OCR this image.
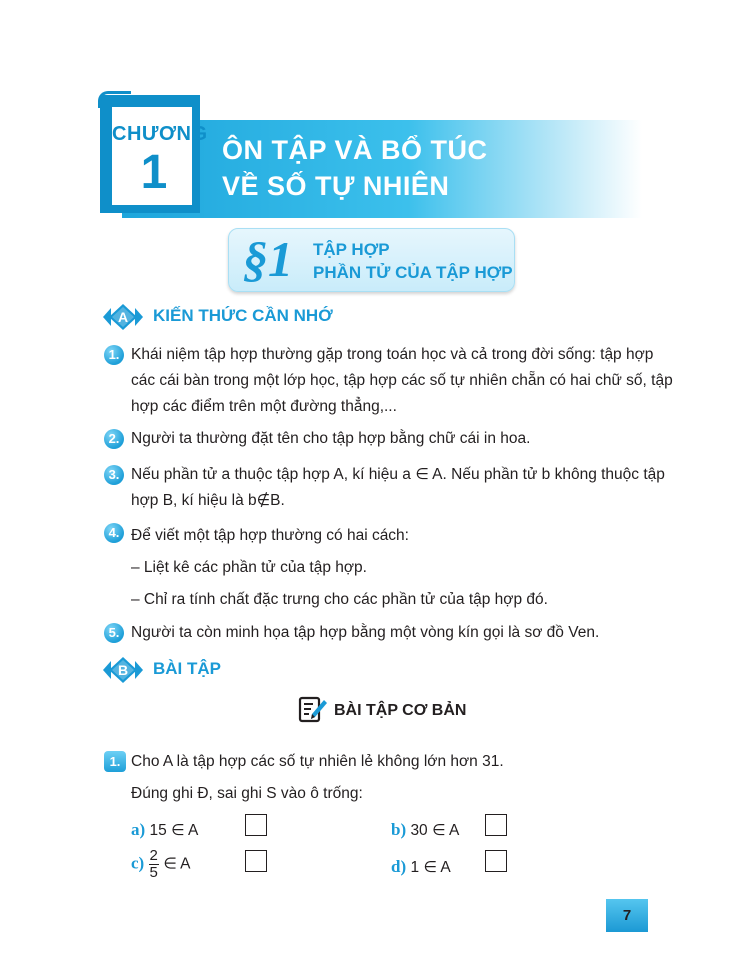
ÔN TẬP VÀ BỔ TÚC
VỀ SỐ TỰ NHIÊN
CHƯƠNG
1
§1 TẬP HỢP
PHẦN TỬ CỦA TẬP HỢP
A KIẾN THỨC CẦN NHỚ
1. Khái niệm tập hợp thường gặp trong toán học và cả trong đời sống: tập hợp
các cái bàn trong một lớp học, tập hợp các số tự nhiên chẵn có hai chữ số, tập
hợp các điểm trên một đường thẳng,...
2. Người ta thường đặt tên cho tập hợp bằng chữ cái in hoa.
3. Nếu phần tử a thuộc tập hợp A, kí hiệu a ∈ A. Nếu phần tử b không thuộc tập
hợp B, kí hiệu là b∉B.
4. Để viết một tập hợp thường có hai cách:
– Liệt kê các phần tử của tập hợp.
– Chỉ ra tính chất đặc trưng cho các phần tử của tập hợp đó.
5. Người ta còn minh họa tập hợp bằng một vòng kín gọi là sơ đồ Ven.
B BÀI TẬP
BÀI TẬP CƠ BẢN
1. Cho A là tập hợp các số tự nhiên lẻ không lớn hơn 31.
Đúng ghi Đ, sai ghi S vào ô trống:
a) 15 ∈ A	b) 30 ∈ A
$c) \frac{2}{5}$ ∈ A	d) 1 ∈ A
7
